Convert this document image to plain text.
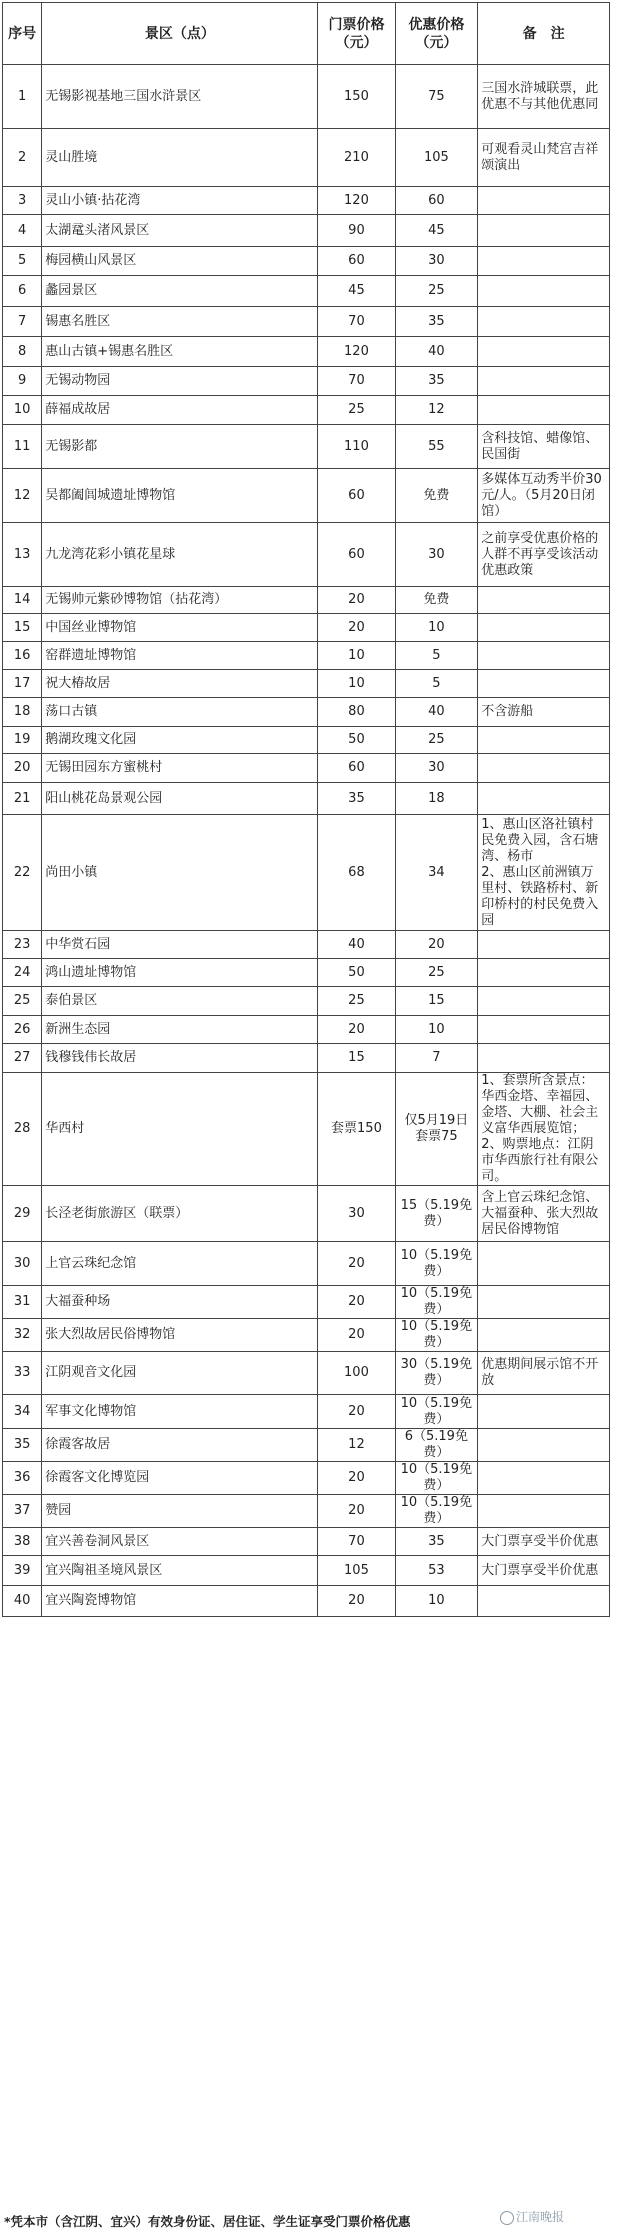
序号	景区（点）	门票价格（元）	优惠价格（元）	备　注
1	无锡影视基地三国水浒景区	150	75	三国水浒城联票，此优惠不与其他优惠同
2	灵山胜境	210	105	可观看灵山梵宫吉祥颂演出
3	灵山小镇·拈花湾	120	60	
4	太湖鼋头渚风景区	90	45	
5	梅园横山风景区	60	30	
6	蠡园景区	45	25	
7	锡惠名胜区	70	35	
8	惠山古镇+锡惠名胜区	120	40	
9	无锡动物园	70	35	
10	薛福成故居	25	12	
11	无锡影都	110	55	含科技馆、蜡像馆、民国街
12	吴都阖闾城遗址博物馆	60	免费	多媒体互动秀半价30元/人。（5月20日闭馆）
13	九龙湾花彩小镇花星球	60	30	之前享受优惠价格的人群不再享受该活动优惠政策
14	无锡帅元紫砂博物馆（拈花湾）	20	免费	
15	中国丝业博物馆	20	10	
16	窑群遗址博物馆	10	5	
17	祝大椿故居	10	5	
18	荡口古镇	80	40	不含游船
19	鹅湖玫瑰文化园	50	25	
20	无锡田园东方蜜桃村	60	30	
21	阳山桃花岛景观公园	35	18	
22	尚田小镇	68	34	1、惠山区洛社镇村民免费入园，含石塘湾、杨市
2、惠山区前洲镇万里村、铁路桥村、新印桥村的村民免费入园
23	中华赏石园	40	20	
24	鸿山遗址博物馆	50	25	
25	泰伯景区	25	15	
26	新洲生态园	20	10	
27	钱穆钱伟长故居	15	7	
28	华西村	套票150	仅5月19日套票75	1、套票所含景点：华西金塔、幸福园、金塔、大棚、社会主义富华西展览馆；
2、购票地点：江阴市华西旅行社有限公司。
29	长泾老街旅游区（联票）	30	15（5.19免费）	含上官云珠纪念馆、大福蚕种、张大烈故居民俗博物馆
30	上官云珠纪念馆	20	10（5.19免费）	
31	大福蚕种场	20	10（5.19免费）	
32	张大烈故居民俗博物馆	20	10（5.19免费）	
33	江阴观音文化园	100	30（5.19免费）	优惠期间展示馆不开放
34	军事文化博物馆	20	10（5.19免费）	
35	徐霞客故居	12	6（5.19免费）	
36	徐霞客文化博览园	20	10（5.19免费）	
37	赞园	20	10（5.19免费）	
38	宜兴善卷洞风景区	70	35	大门票享受半价优惠
39	宜兴陶祖圣境风景区	105	53	大门票享受半价优惠
40	宜兴陶瓷博物馆	20	10	
*凭本市（含江阴、宜兴）有效身份证、居住证、学生证享受门票价格优惠	江南晚报
